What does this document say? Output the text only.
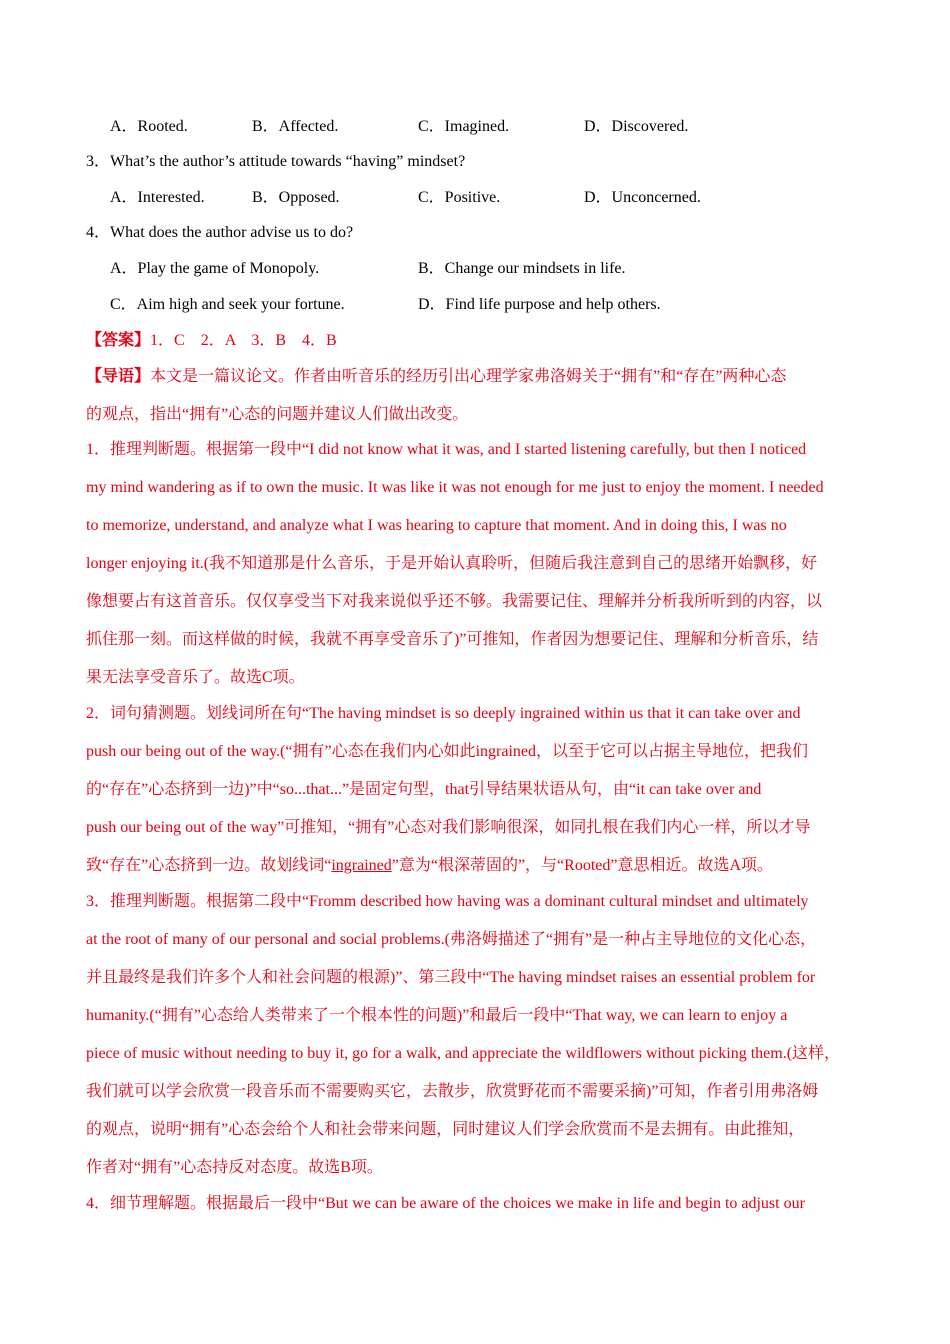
A．Rooted.	B．Affected.	C．Imagined.	D．Discovered.
3．What’s the author’s attitude towards “having” mindset?
A．Interested.	B．Opposed.	C．Positive.	D．Unconcerned.
4．What does the author advise us to do?
A．Play the game of Monopoly.	B．Change our mindsets in life.
C．Aim high and seek your fortune.	D．Find life purpose and help others.
【答案】1．C　2．A　3．B　4．B
【导语】本文是一篇议论文。作者由听音乐的经历引出心理学家弗洛姆关于“拥有”和“存在”两种心态
的观点，指出“拥有”心态的问题并建议人们做出改变。
1．推理判断题。根据第一段中“I did not know what it was, and I started listening carefully, but then I noticed
my mind wandering as if to own the music. It was like it was not enough for me just to enjoy the moment. I needed
to memorize, understand, and analyze what I was hearing to capture that moment. And in doing this, I was no
longer enjoying it.(我不知道那是什么音乐，于是开始认真聆听，但随后我注意到自己的思绪开始飘移，好
像想要占有这首音乐。仅仅享受当下对我来说似乎还不够。我需要记住、理解并分析我所听到的内容，以
抓住那一刻。而这样做的时候，我就不再享受音乐了)”可推知，作者因为想要记住、理解和分析音乐，结
果无法享受音乐了。故选C项。
2．词句猜测题。划线词所在句“The having mindset is so deeply ingrained within us that it can take over and
push our being out of the way.(“拥有”心态在我们内心如此ingrained，以至于它可以占据主导地位，把我们
的“存在”心态挤到一边)”中“so...that...”是固定句型，that引导结果状语从句，由“it can take over and
push our being out of the way”可推知，“拥有”心态对我们影响很深，如同扎根在我们内心一样，所以才导
致“存在”心态挤到一边。故划线词“ingrained”意为“根深蒂固的”，与“Rooted”意思相近。故选A项。
3．推理判断题。根据第二段中“Fromm described how having was a dominant cultural mindset and ultimately
at the root of many of our personal and social problems.(弗洛姆描述了“拥有”是一种占主导地位的文化心态，
并且最终是我们许多个人和社会问题的根源)”、第三段中“The having mindset raises an essential problem for
humanity.(“拥有”心态给人类带来了一个根本性的问题)”和最后一段中“That way, we can learn to enjoy a
piece of music without needing to buy it, go for a walk, and appreciate the wildflowers without picking them.(这样，
我们就可以学会欣赏一段音乐而不需要购买它，去散步，欣赏野花而不需要采摘)”可知，作者引用弗洛姆
的观点，说明“拥有”心态会给个人和社会带来问题，同时建议人们学会欣赏而不是去拥有。由此推知，
作者对“拥有”心态持反对态度。故选B项。
4．细节理解题。根据最后一段中“But we can be aware of the choices we make in life and begin to adjust our
